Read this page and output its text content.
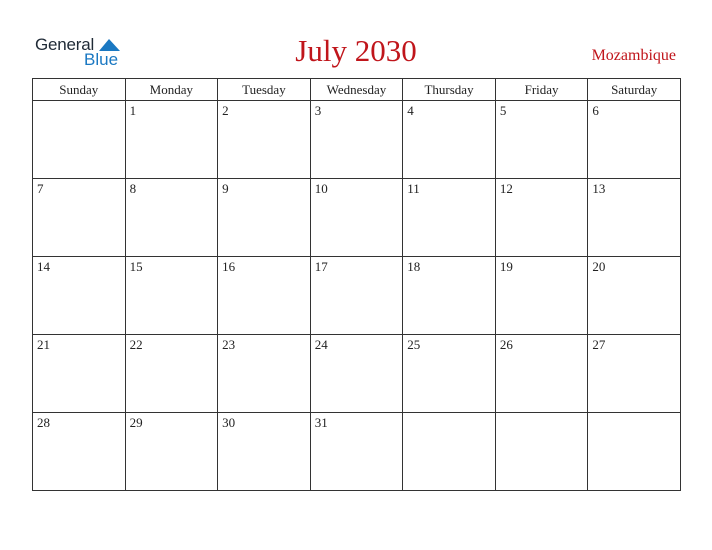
General
Blue	July 2030	Mozambique
Sunday	Monday	Tuesday	Wednesday	Thursday	Friday	Saturday

	1	2	3	4	5	6

7	8	9	10	11	12	13

14	15	16	17	18	19	20

21	22	23	24	25	26	27

28	29	30	31			
